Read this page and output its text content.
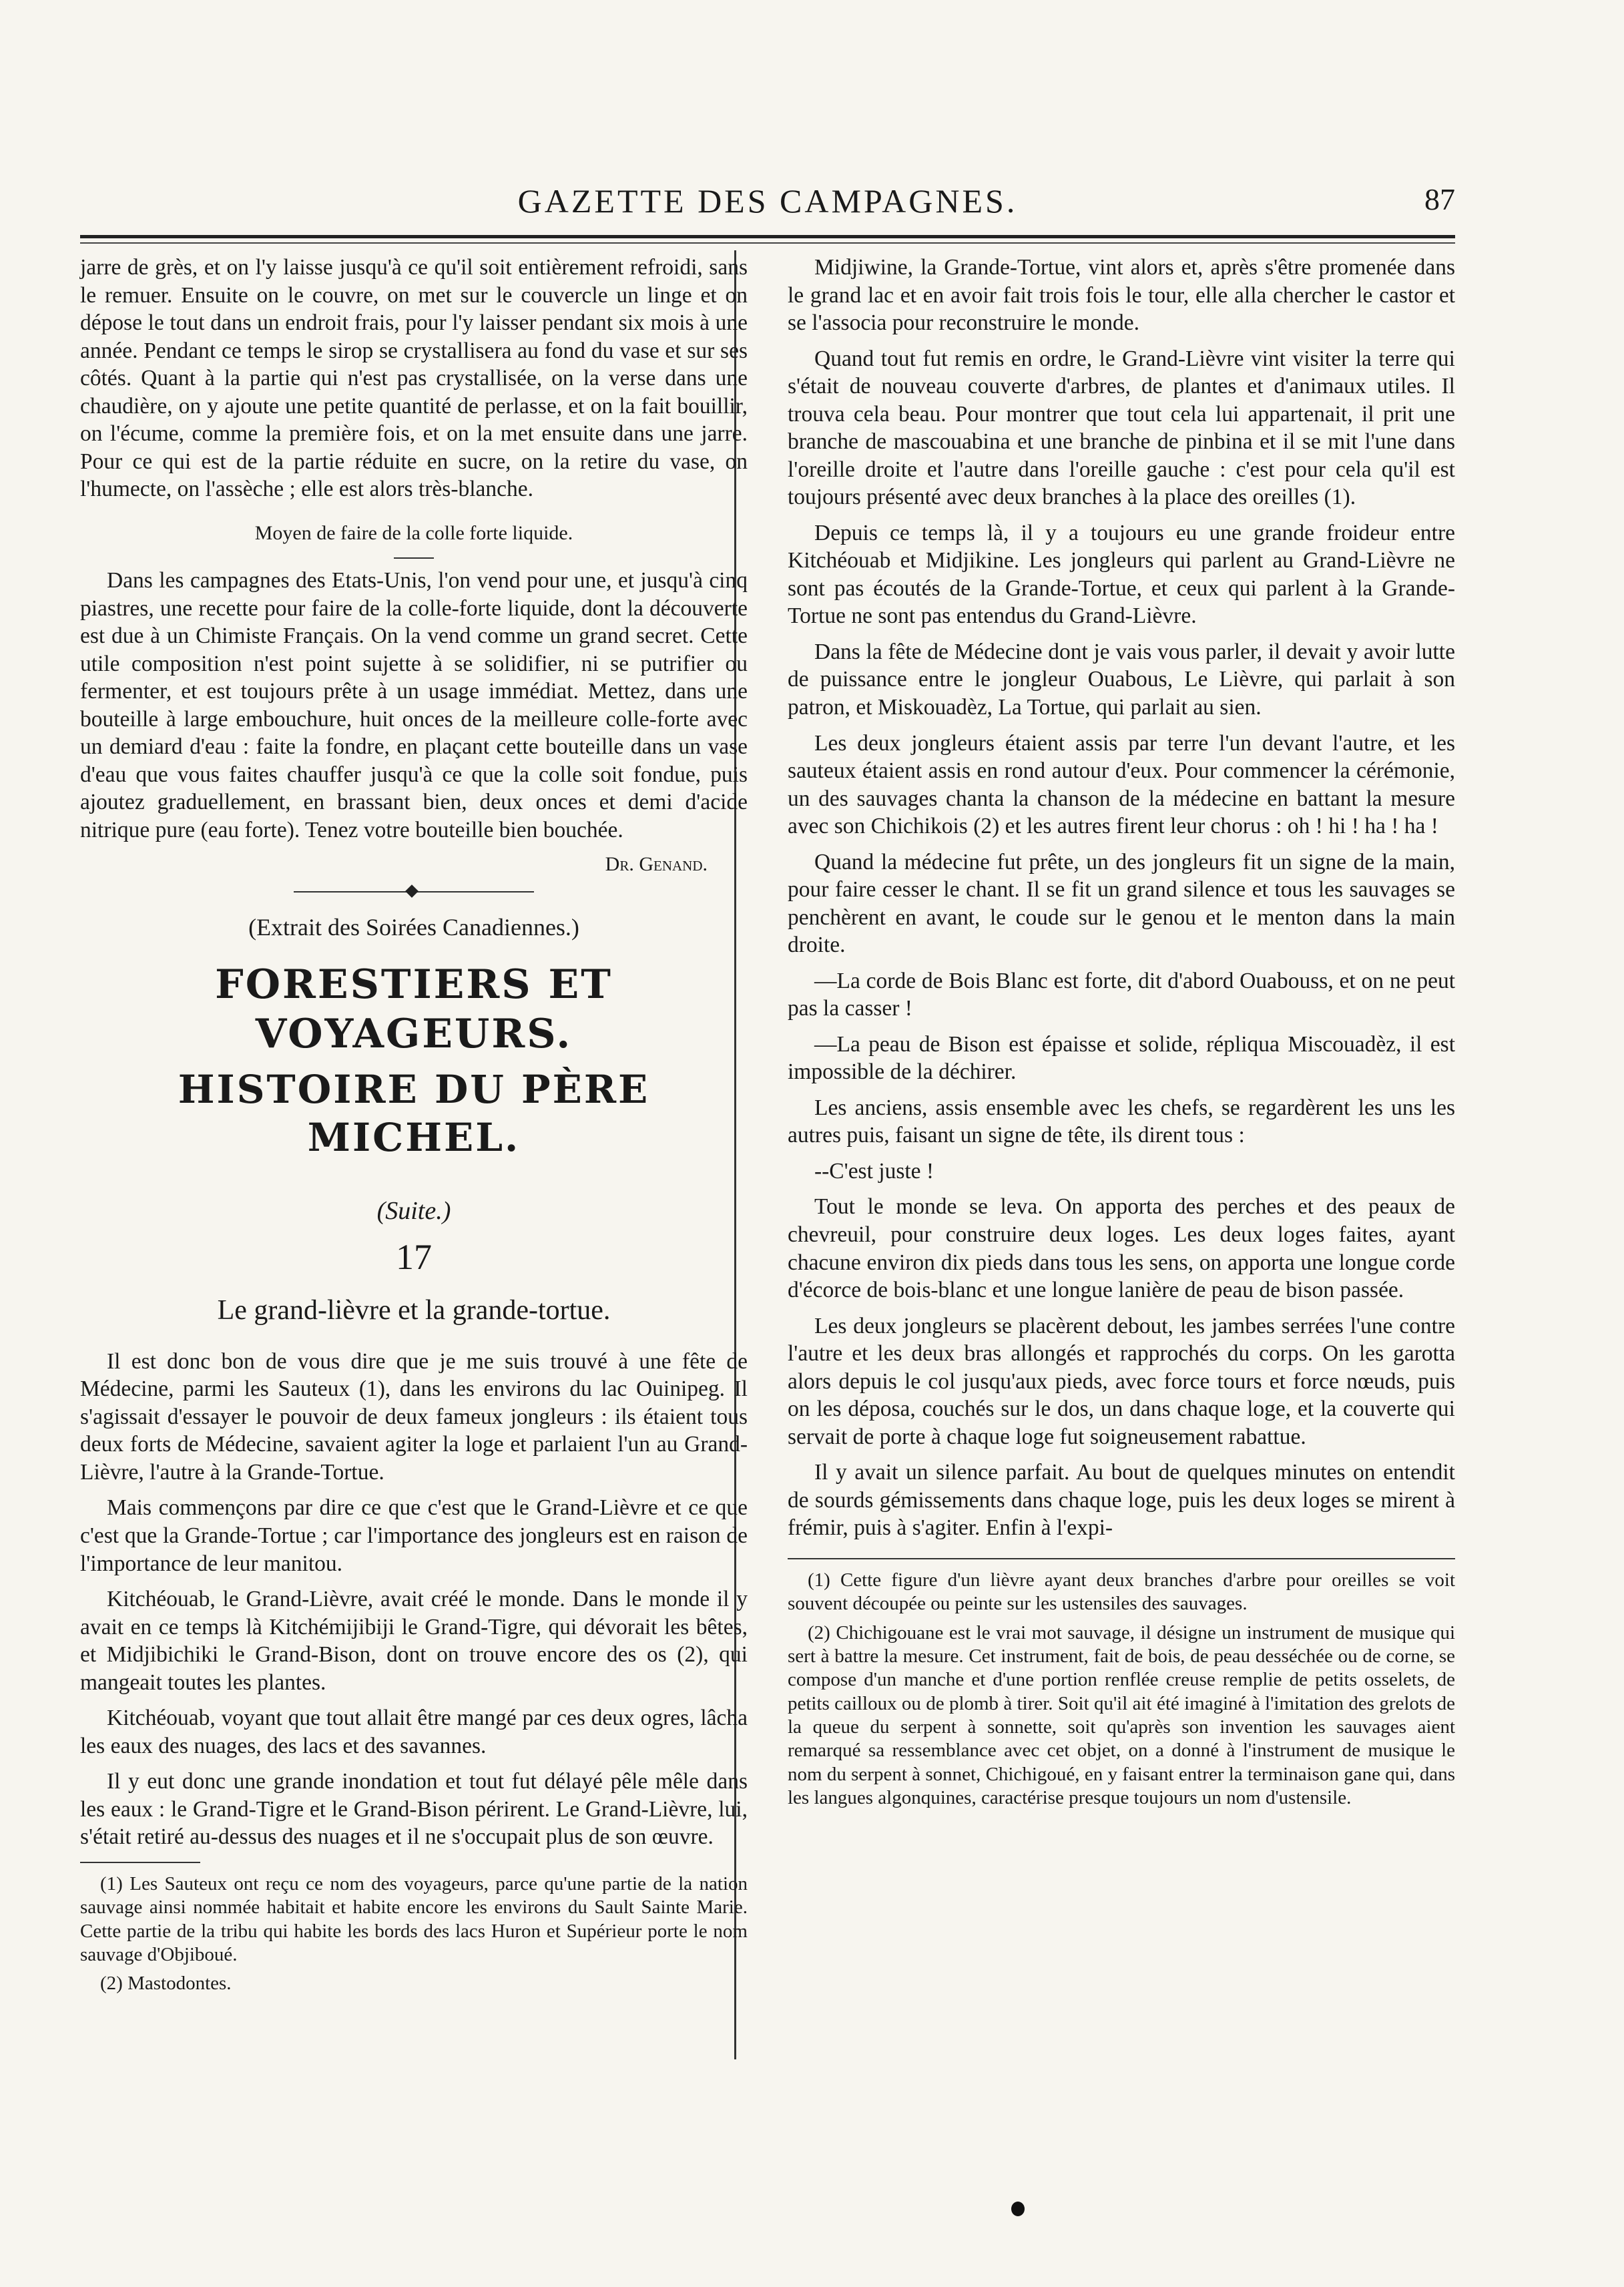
GAZETTE DES CAMPAGNES.	87

jarre de grès, et on l'y laisse jusqu'à ce qu'il soit entièrement refroidi, sans le remuer. Ensuite on le couvre, on met sur le couvercle un linge et on dépose le tout dans un endroit frais, pour l'y laisser pendant six mois à une année. Pendant ce temps le sirop se crystallisera au fond du vase et sur ses côtés. Quant à la partie qui n'est pas crystallisée, on la verse dans une chaudière, on y ajoute une petite quantité de perlasse, et on la fait bouillir, on l'écume, comme la première fois, et on la met ensuite dans une jarre. Pour ce qui est de la partie réduite en sucre, on la retire du vase, on l'humecte, on l'assèche ; elle est alors très-blanche.

Moyen de faire de la colle forte liquide.

Dans les campagnes des Etats-Unis, l'on vend pour une, et jusqu'à cinq piastres, une recette pour faire de la colle-forte liquide, dont la découverte est due à un Chimiste Français. On la vend comme un grand secret. Cette utile composition n'est point sujette à se solidifier, ni se putrifier ou fermenter, et est toujours prête à un usage immédiat. Mettez, dans une bouteille à large embouchure, huit onces de la meilleure colle-forte avec un demiard d'eau : faite la fondre, en plaçant cette bouteille dans un vase d'eau que vous faites chauffer jusqu'à ce que la colle soit fondue, puis ajoutez graduellement, en brassant bien, deux onces et demi d'acide nitrique pure (eau forte). Tenez votre bouteille bien bouchée.

Dr. Genand.
(Extrait des Soirées Canadiennes.)
FORESTIERS ET VOYAGEURS.
HISTOIRE DU PÈRE MICHEL.
(Suite.)
17
Le grand-lièvre et la grande-tortue.

Il est donc bon de vous dire que je me suis trouvé à une fête de Médecine, parmi les Sauteux (1), dans les environs du lac Ouinipeg. Il s'agissait d'essayer le pouvoir de deux fameux jongleurs : ils étaient tous deux forts de Médecine, savaient agiter la loge et parlaient l'un au Grand-Lièvre, l'autre à la Grande-Tortue.

Mais commençons par dire ce que c'est que le Grand-Lièvre et ce que c'est que la Grande-Tortue ; car l'importance des jongleurs est en raison de l'importance de leur manitou.

Kitchéouab, le Grand-Lièvre, avait créé le monde. Dans le monde il y avait en ce temps là Kitchémijibiji le Grand-Tigre, qui dévorait les bêtes, et Midjibichiki le Grand-Bison, dont on trouve encore des os (2), qui mangeait toutes les plantes.

Kitchéouab, voyant que tout allait être mangé par ces deux ogres, lâcha les eaux des nuages, des lacs et des savannes.

Il y eut donc une grande inondation et tout fut délayé pêle mêle dans les eaux : le Grand-Tigre et le Grand-Bison périrent. Le Grand-Lièvre, lui, s'était retiré au-dessus des nuages et il ne s'occupait plus de son œuvre.

(1) Les Sauteux ont reçu ce nom des voyageurs, parce qu'une partie de la nation sauvage ainsi nommée habitait et habite encore les environs du Sault Sainte Marie. Cette partie de la tribu qui habite les bords des lacs Huron et Supérieur porte le nom sauvage d'Objiboué.

(2) Mastodontes.

Midjiwine, la Grande-Tortue, vint alors et, après s'être promenée dans le grand lac et en avoir fait trois fois le tour, elle alla chercher le castor et se l'associa pour reconstruire le monde.

Quand tout fut remis en ordre, le Grand-Lièvre vint visiter la terre qui s'était de nouveau couverte d'arbres, de plantes et d'animaux utiles. Il trouva cela beau. Pour montrer que tout cela lui appartenait, il prit une branche de mascouabina et une branche de pinbina et il se mit l'une dans l'oreille droite et l'autre dans l'oreille gauche : c'est pour cela qu'il est toujours présenté avec deux branches à la place des oreilles (1).

Depuis ce temps là, il y a toujours eu une grande froideur entre Kitchéouab et Midjikine. Les jongleurs qui parlent au Grand-Lièvre ne sont pas écoutés de la Grande-Tortue, et ceux qui parlent à la Grande-Tortue ne sont pas entendus du Grand-Lièvre.

Dans la fête de Médecine dont je vais vous parler, il devait y avoir lutte de puissance entre le jongleur Ouabous, Le Lièvre, qui parlait à son patron, et Miskouadèz, La Tortue, qui parlait au sien.

Les deux jongleurs étaient assis par terre l'un devant l'autre, et les sauteux étaient assis en rond autour d'eux. Pour commencer la cérémonie, un des sauvages chanta la chanson de la médecine en battant la mesure avec son Chichikois (2) et les autres firent leur chorus : oh ! hi ! ha ! ha !

Quand la médecine fut prête, un des jongleurs fit un signe de la main, pour faire cesser le chant. Il se fit un grand silence et tous les sauvages se penchèrent en avant, le coude sur le genou et le menton dans la main droite.

—La corde de Bois Blanc est forte, dit d'abord Ouabouss, et on ne peut pas la casser !

—La peau de Bison est épaisse et solide, répliqua Miscouadèz, il est impossible de la déchirer.

Les anciens, assis ensemble avec les chefs, se regardèrent les uns les autres puis, faisant un signe de tête, ils dirent tous :

--C'est juste !

Tout le monde se leva. On apporta des perches et des peaux de chevreuil, pour construire deux loges. Les deux loges faites, ayant chacune environ dix pieds dans tous les sens, on apporta une longue corde d'écorce de bois-blanc et une longue lanière de peau de bison passée.

Les deux jongleurs se placèrent debout, les jambes serrées l'une contre l'autre et les deux bras allongés et rapprochés du corps. On les garotta alors depuis le col jusqu'aux pieds, avec force tours et force nœuds, puis on les déposa, couchés sur le dos, un dans chaque loge, et la couverte qui servait de porte à chaque loge fut soigneusement rabattue.

Il y avait un silence parfait. Au bout de quelques minutes on entendit de sourds gémissements dans chaque loge, puis les deux loges se mirent à frémir, puis à s'agiter. Enfin à l'expi-

(1) Cette figure d'un lièvre ayant deux branches d'arbre pour oreilles se voit souvent découpée ou peinte sur les ustensiles des sauvages.

(2) Chichigouane est le vrai mot sauvage, il désigne un instrument de musique qui sert à battre la mesure. Cet instrument, fait de bois, de peau desséchée ou de corne, se compose d'un manche et d'une portion renflée creuse remplie de petits osselets, de petits cailloux ou de plomb à tirer. Soit qu'il ait été imaginé à l'imitation des grelots de la queue du serpent à sonnette, soit qu'après son invention les sauvages aient remarqué sa ressemblance avec cet objet, on a donné à l'instrument de musique le nom du serpent à sonnet, Chichigoué, en y faisant entrer la terminaison gane qui, dans les langues algonquines, caractérise presque toujours un nom d'ustensile.
